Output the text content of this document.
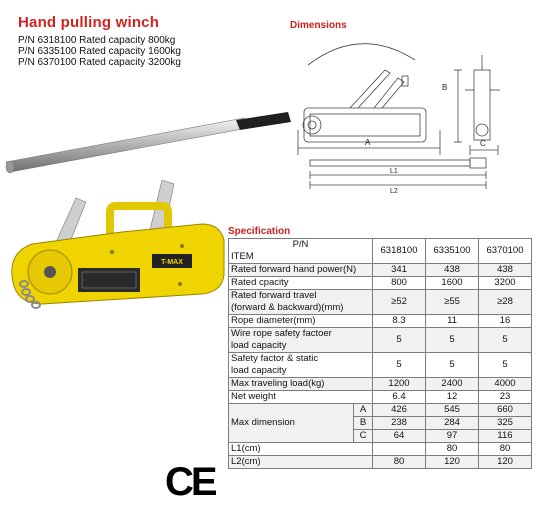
Hand pulling winch
P/N 6318100 Rated capacity 800kg
P/N 6335100 Rated capacity 1600kg
P/N 6370100 Rated capacity 3200kg
Dimensions
B
A	C
L1
L2
T-MAX
Specification
P/N
ITEM		6318100	6335100	6370100
Rated forward hand power(N)		341	438	438
Rated cpacity		800	1600	3200

Rated forward travel
(forward & backward)(mm)		≥52	≥55	≥28
Rope diameter(mm)		8.3	11	16

Wire rope safety factoer
load capacity		5	5	5

Safety factor & static
load capacity		5	5	5
Max traveling load(kg)		1200	2400	4000
Net weight		6.4	12	23
Max dimension	A	426	545	660
	B	238	284	325
	C	64	97	116
L1(cm)			80	80
L2(cm)		80	120	120
CE
